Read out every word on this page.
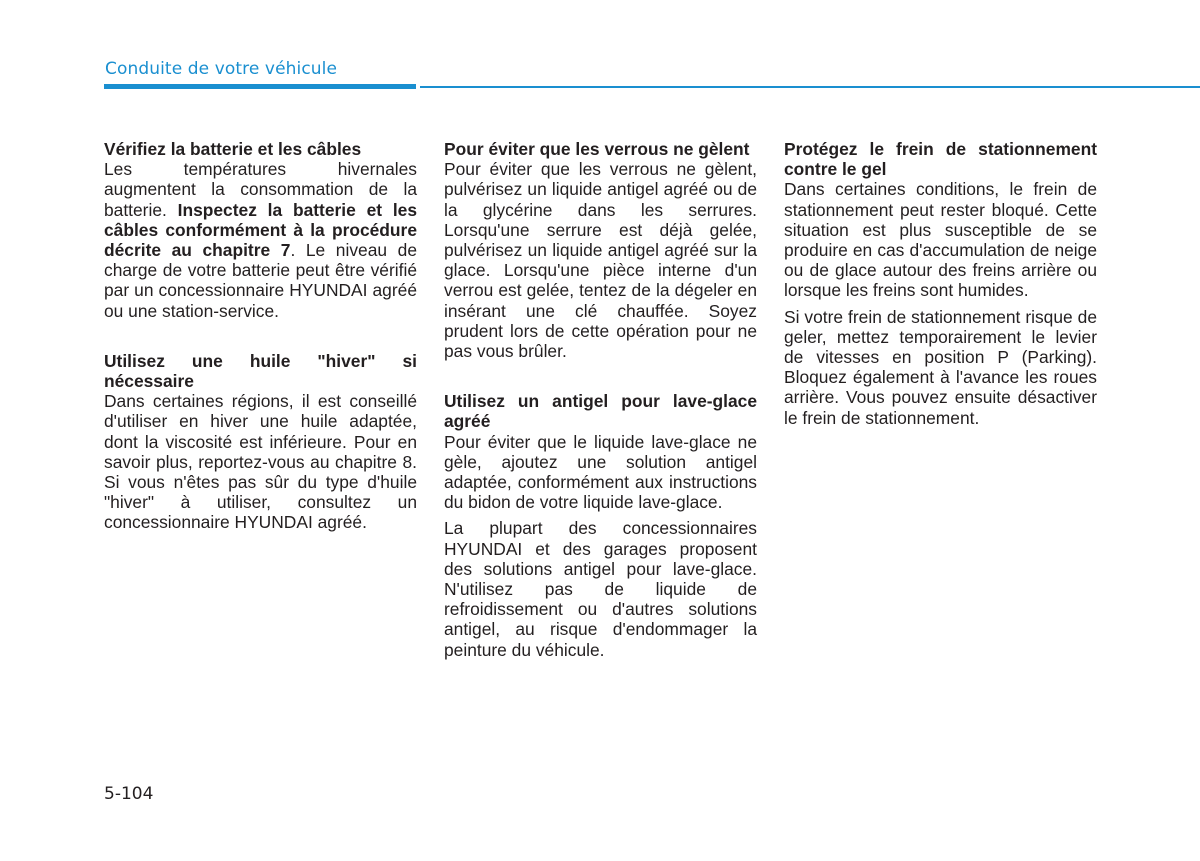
Conduite de votre véhicule
Vérifiez la batterie et les câbles

Les températures hivernales augmentent la consommation de la batterie. Inspectez la batterie et les câbles conformément à la procédure décrite au chapitre 7. Le niveau de charge de votre batterie peut être vérifié par un concessionnaire HYUNDAI agréé ou une station-service.

Utilisez une huile "hiver" si nécessaire

Dans certaines régions, il est conseillé d'utiliser en hiver une huile adaptée, dont la viscosité est inférieure. Pour en savoir plus, reportez-vous au chapitre 8. Si vous n'êtes pas sûr du type d'huile "hiver" à utiliser, consultez un concessionnaire HYUNDAI agréé.

Pour éviter que les verrous ne gèlent

Pour éviter que les verrous ne gèlent, pulvérisez un liquide antigel agréé ou de la glycérine dans les serrures. Lorsqu'une serrure est déjà gelée, pulvérisez un liquide antigel agréé sur la glace. Lorsqu'une pièce interne d'un verrou est gelée, tentez de la dégeler en insérant une clé chauffée. Soyez prudent lors de cette opération pour ne pas vous brûler.

Utilisez un antigel pour lave-glace agréé

Pour éviter que le liquide lave-glace ne gèle, ajoutez une solution antigel adaptée, conformément aux instructions du bidon de votre liquide lave-glace.

La plupart des concessionnaires HYUNDAI et des garages proposent des solutions antigel pour lave-glace. N'utilisez pas de liquide de refroidissement ou d'autres solutions antigel, au risque d'endommager la peinture du véhicule.

Protégez le frein de stationnement contre le gel

Dans certaines conditions, le frein de stationnement peut rester bloqué. Cette situation est plus susceptible de se produire en cas d'accumulation de neige ou de glace autour des freins arrière ou lorsque les freins sont humides.

Si votre frein de stationnement risque de geler, mettez temporairement le levier de vitesses en position P (Parking). Bloquez également à l'avance les roues arrière. Vous pouvez ensuite désactiver le frein de stationnement.

5-104
